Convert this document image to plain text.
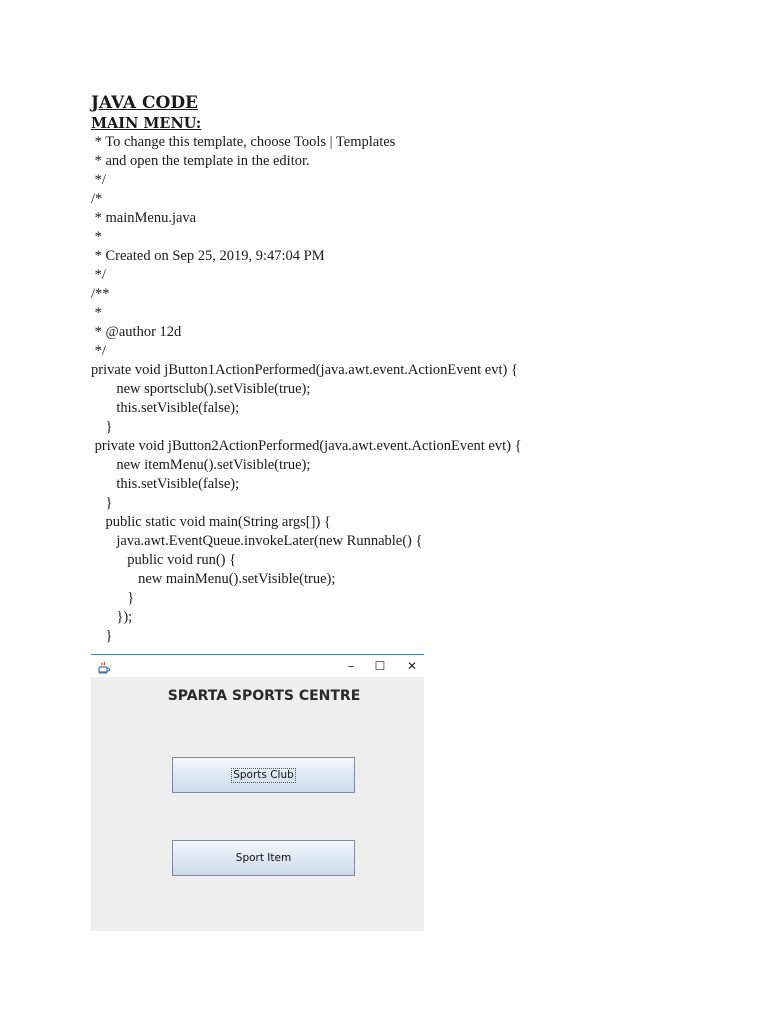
JAVA CODE
MAIN MENU:
* To change this template, choose Tools | Templates
* and open the template in the editor.
*/
/*
* mainMenu.java
*
* Created on Sep 25, 2019, 9:47:04 PM
*/
/**
*
* @author 12d
*/
private void jButton1ActionPerformed(java.awt.event.ActionEvent evt) {
new sportsclub().setVisible(true);
this.setVisible(false);
}
private void jButton2ActionPerformed(java.awt.event.ActionEvent evt) {
new itemMenu().setVisible(true);
this.setVisible(false);
}
public static void main(String args[]) {
java.awt.EventQueue.invokeLater(new Runnable() {
public void run() {
new mainMenu().setVisible(true);
}
});
}
–	☐	✕
SPARTA SPORTS CENTRE
Sports Club
Sport Item
